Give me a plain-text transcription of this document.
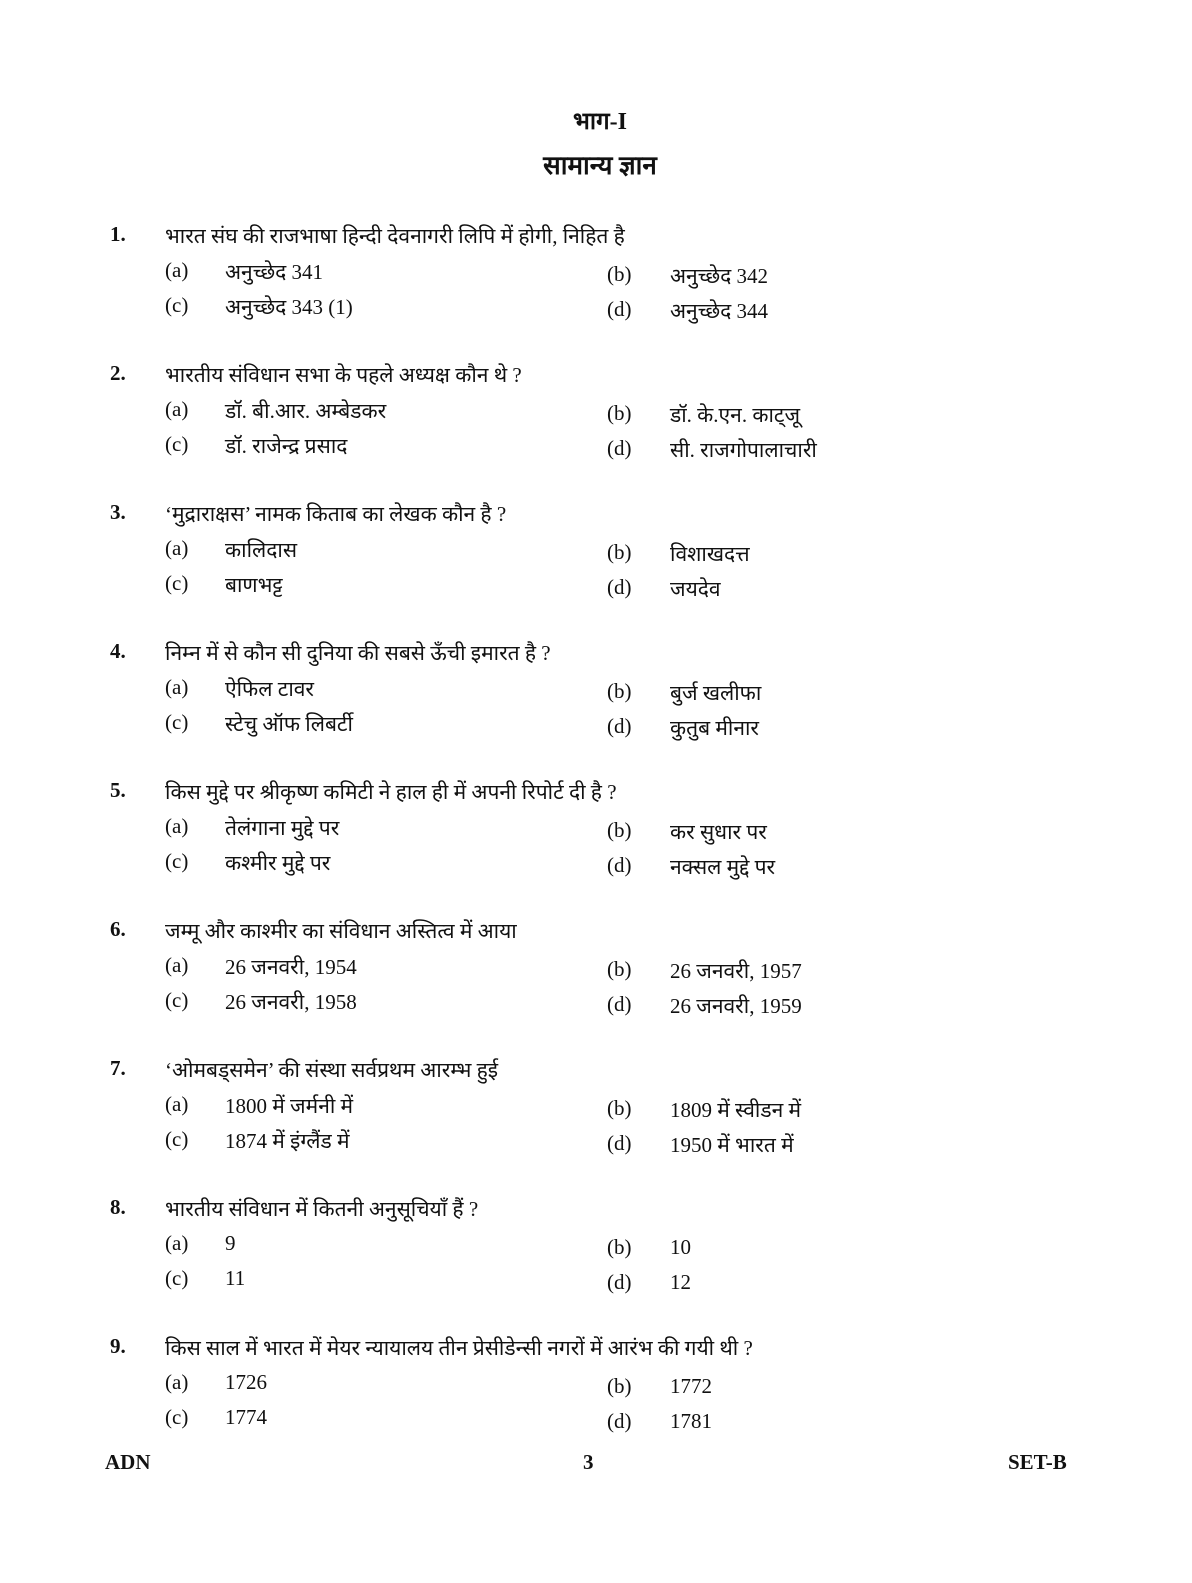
भाग-I
सामान्य ज्ञान
1. भारत संघ की राजभाषा हिन्दी देवनागरी लिपि में होगी, निहित है
(a) अनुच्छेद 341	(b) अनुच्छेद 342
(c) अनुच्छेद 343 (1)	(d) अनुच्छेद 344
2. भारतीय संविधान सभा के पहले अध्यक्ष कौन थे ?
(a) डॉ. बी.आर. अम्बेडकर	(b) डॉ. के.एन. काट्जू
(c) डॉ. राजेन्द्र प्रसाद	(d) सी. राजगोपालाचारी
3. ‘मुद्राराक्षस’ नामक किताब का लेखक कौन है ?
(a) कालिदास	(b) विशाखदत्त
(c) बाणभट्ट	(d) जयदेव
4. निम्न में से कौन सी दुनिया की सबसे ऊँची इमारत है ?
(a) ऐफिल टावर	(b) बुर्ज खलीफा
(c) स्टेचु ऑफ लिबर्टी	(d) कुतुब मीनार
5. किस मुद्दे पर श्रीकृष्ण कमिटी ने हाल ही में अपनी रिपोर्ट दी है ?
(a) तेलंगाना मुद्दे पर	(b) कर सुधार पर
(c) कश्मीर मुद्दे पर	(d) नक्सल मुद्दे पर
6. जम्मू और काश्मीर का संविधान अस्तित्व में आया
(a) 26 जनवरी, 1954	(b) 26 जनवरी, 1957
(c) 26 जनवरी, 1958	(d) 26 जनवरी, 1959
7. ‘ओमबड्समेन’ की संस्था सर्वप्रथम आरम्भ हुई
(a) 1800 में जर्मनी में	(b) 1809 में स्वीडन में
(c) 1874 में इंग्लैंड में	(d) 1950 में भारत में
8. भारतीय संविधान में कितनी अनुसूचियाँ हैं ?
(a) 9	(b) 10
(c) 11	(d) 12
9. किस साल में भारत में मेयर न्यायालय तीन प्रेसीडेन्सी नगरों में आरंभ की गयी थी ?
(a) 1726	(b) 1772
(c) 1774	(d) 1781
ADN	3	SET-B
